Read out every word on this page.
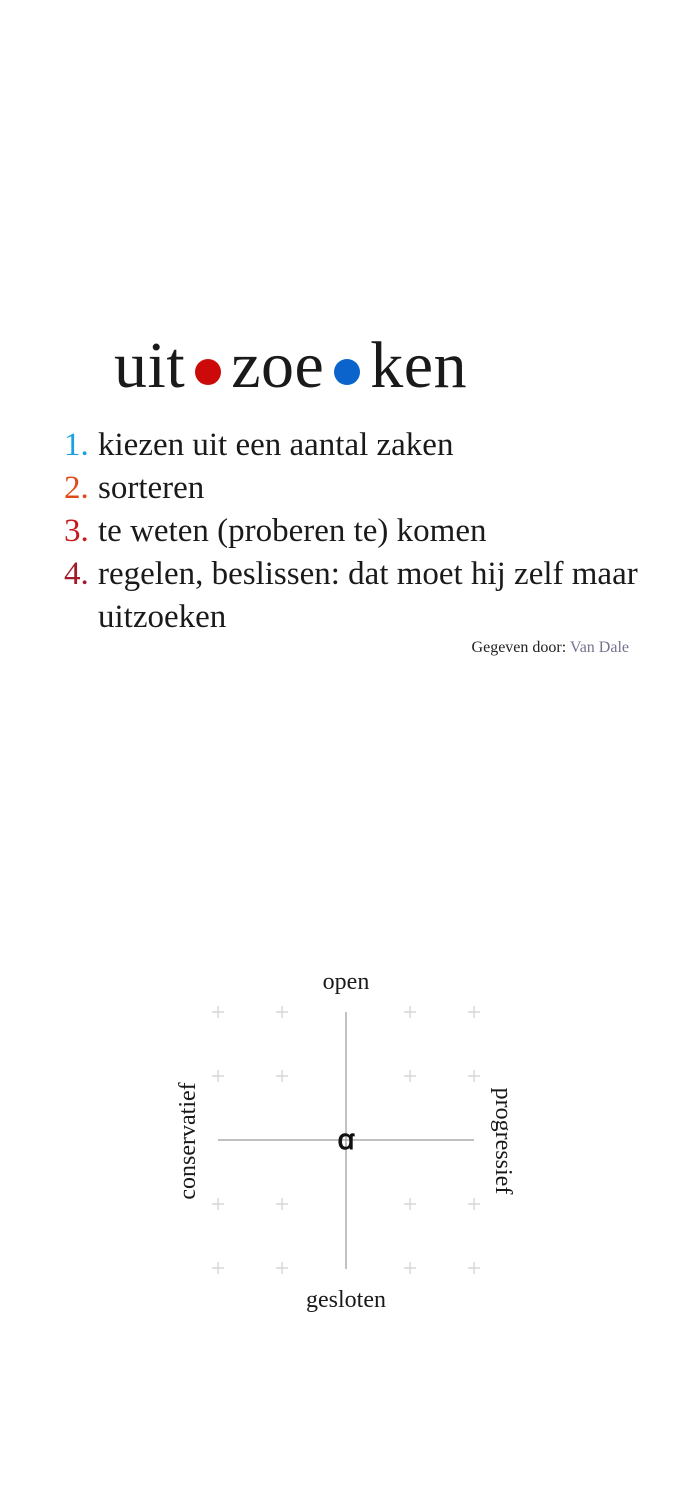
uit zoe ken
1. kiezen uit een aantal zaken
2. sorteren
3. te weten (proberen te) komen
4. regelen, beslissen: dat moet hij zelf maar uitzoeken
Gegeven door: Van Dale
open
gesloten
conservatief	progressief
ꭤ
